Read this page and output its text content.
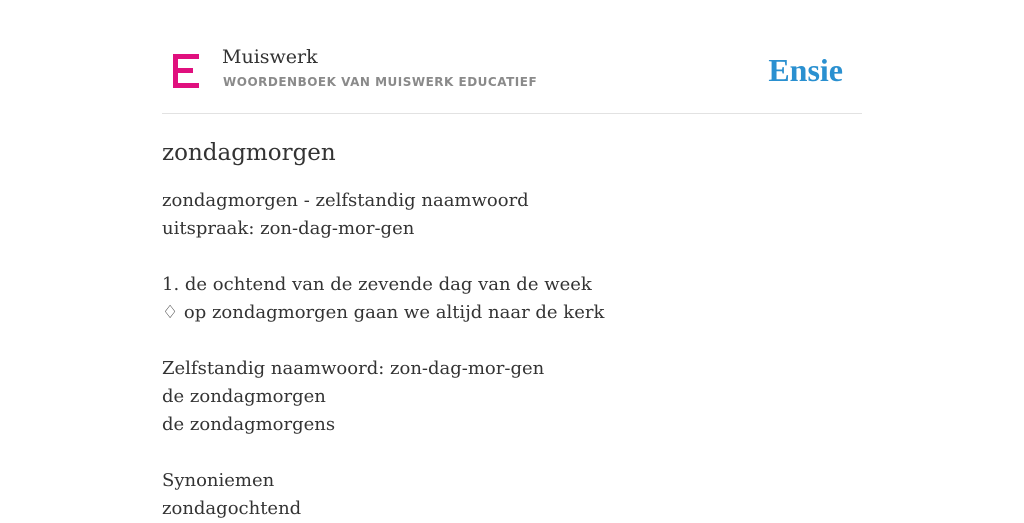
Muiswerk
WOORDENBOEK VAN MUISWERK EDUCATIEF	Ensie
zondagmorgen
zondagmorgen - zelfstandig naamwoord
uitspraak: zon-dag-mor-gen
1. de ochtend van de zevende dag van de week
♢ op zondagmorgen gaan we altijd naar de kerk
Zelfstandig naamwoord: zon-dag-mor-gen
de zondagmorgen
de zondagmorgens
Synoniemen
zondagochtend
